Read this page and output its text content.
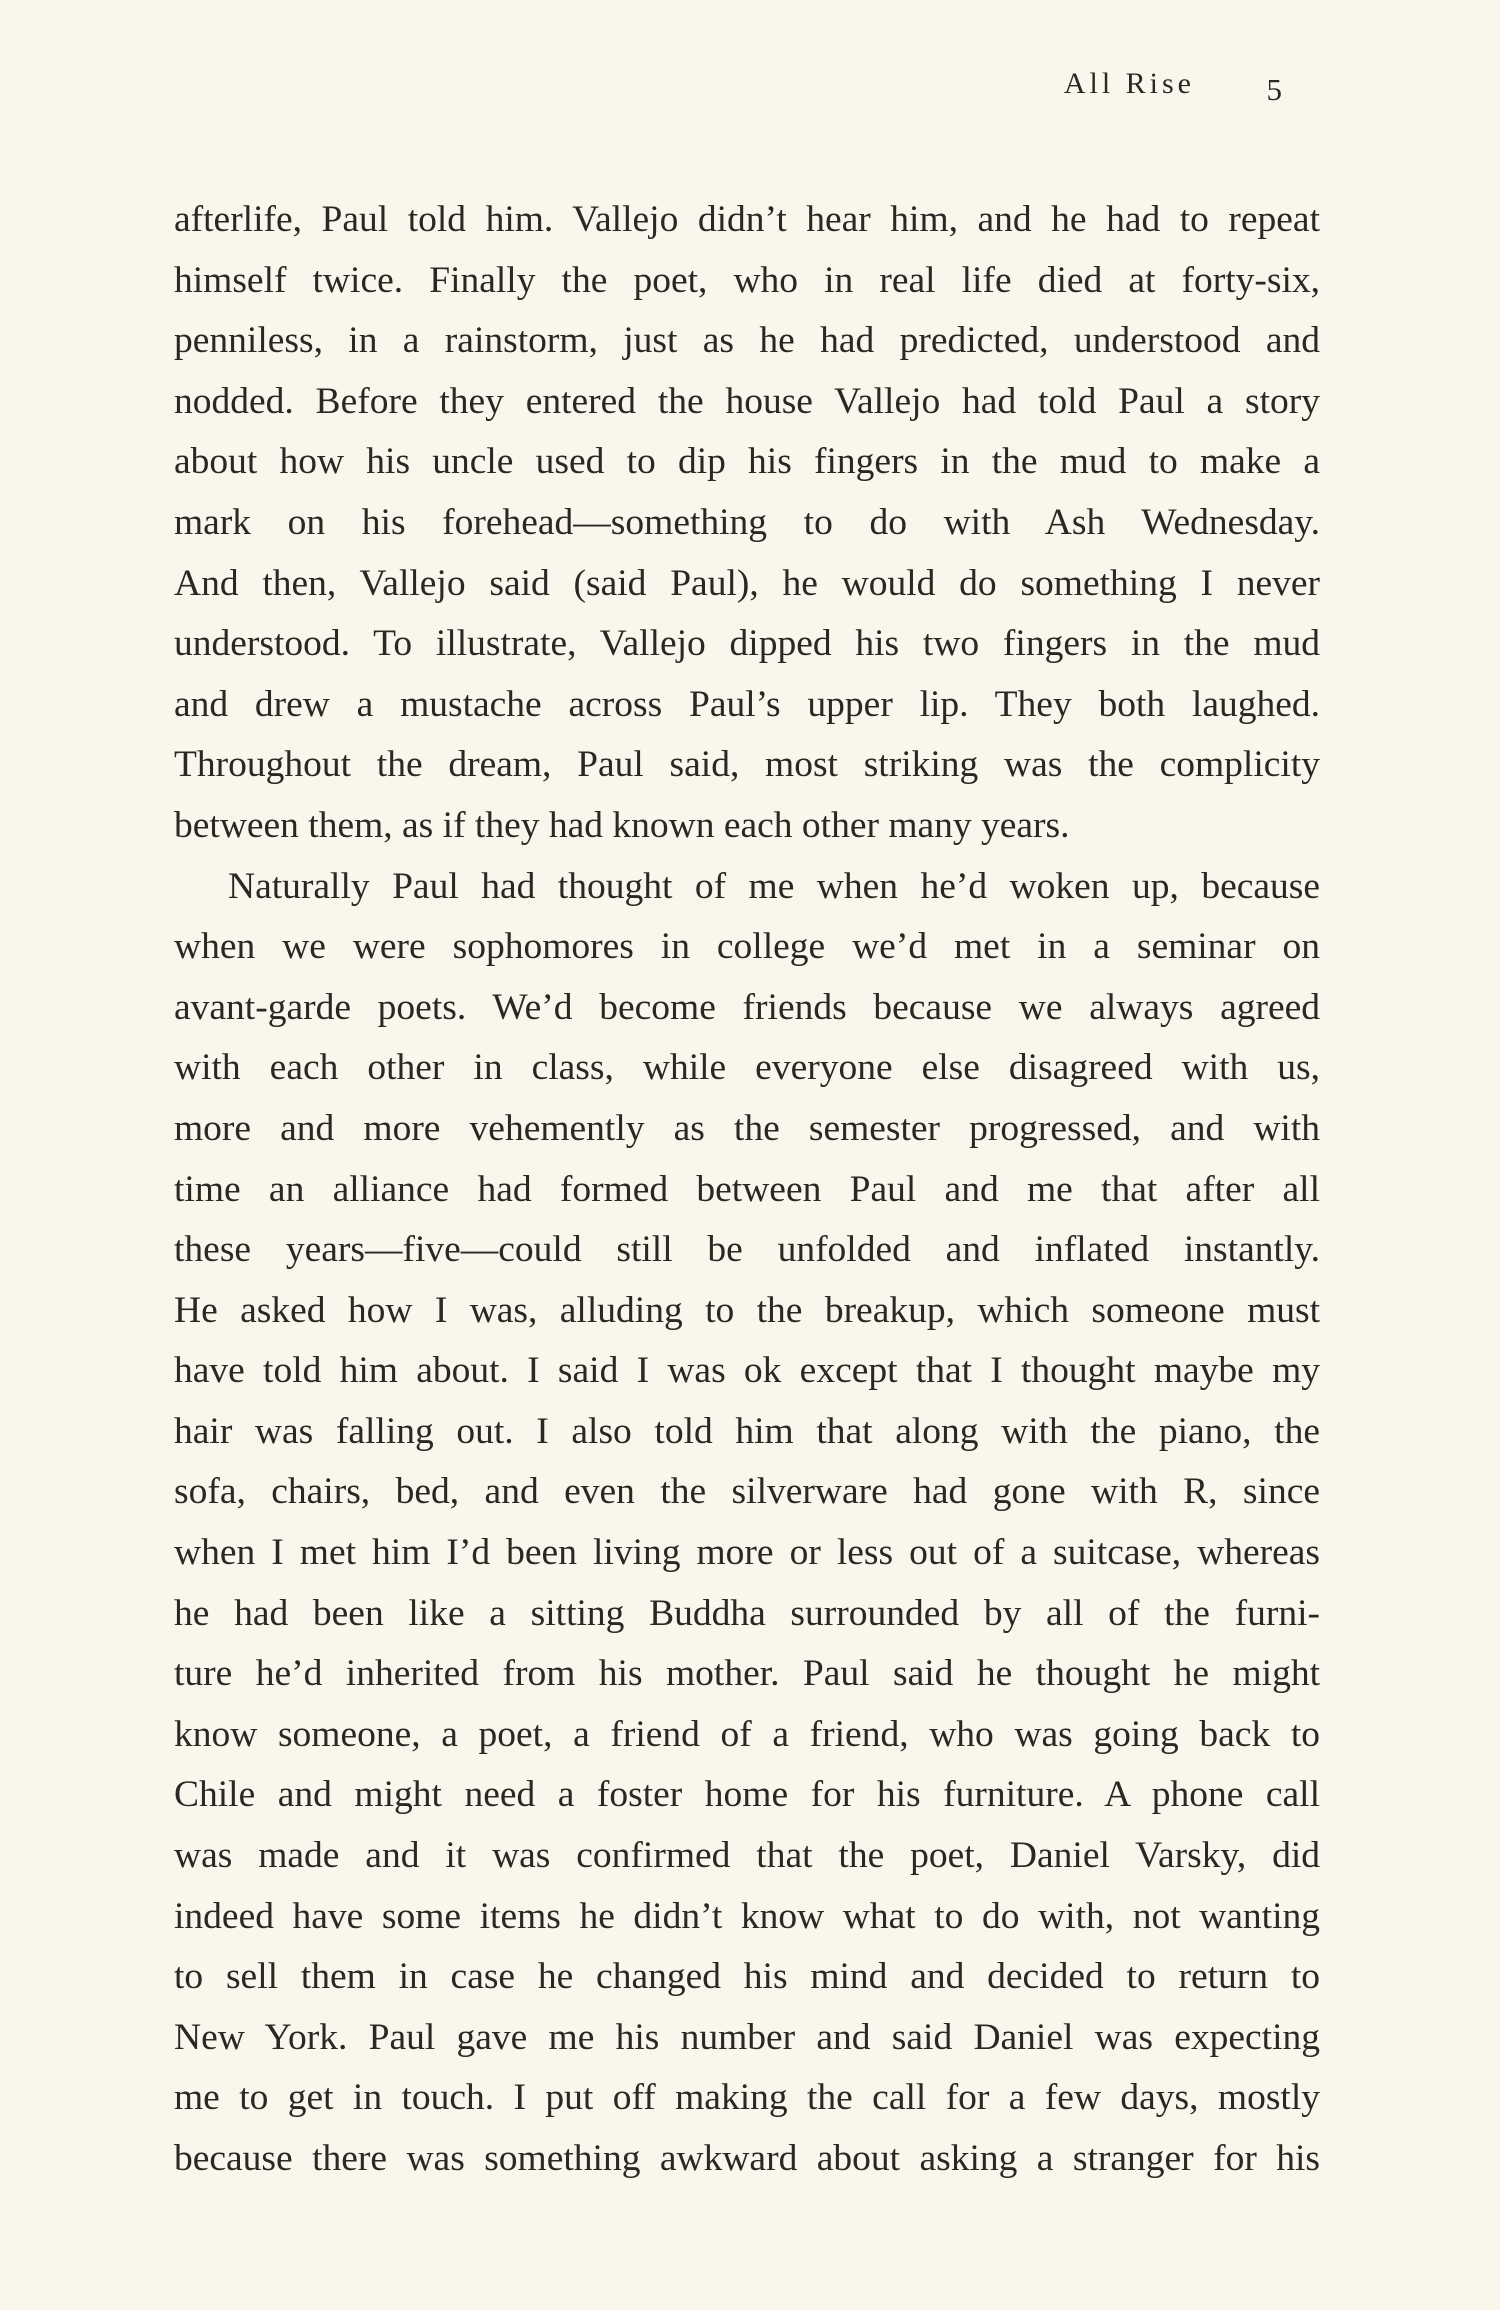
All Rise 5
afterlife, Paul told him. Vallejo didn’t hear him, and he had to repeat
himself twice. Finally the poet, who in real life died at forty-six,
penniless, in a rainstorm, just as he had predicted, understood and
nodded. Before they entered the house Vallejo had told Paul a story
about how his uncle used to dip his fingers in the mud to make a
mark on his forehead—something to do with Ash Wednesday.
And then, Vallejo said (said Paul), he would do something I never
understood. To illustrate, Vallejo dipped his two fingers in the mud
and drew a mustache across Paul’s upper lip. They both laughed.
Throughout the dream, Paul said, most striking was the complicity
between them, as if they had known each other many years.
Naturally Paul had thought of me when he’d woken up, because
when we were sophomores in college we’d met in a seminar on
avant-garde poets. We’d become friends because we always agreed
with each other in class, while everyone else disagreed with us,
more and more vehemently as the semester progressed, and with
time an alliance had formed between Paul and me that after all
these years—five—could still be unfolded and inflated instantly.
He asked how I was, alluding to the breakup, which someone must
have told him about. I said I was ok except that I thought maybe my
hair was falling out. I also told him that along with the piano, the
sofa, chairs, bed, and even the silverware had gone with R, since
when I met him I’d been living more or less out of a suitcase, whereas
he had been like a sitting Buddha surrounded by all of the furni-
ture he’d inherited from his mother. Paul said he thought he might
know someone, a poet, a friend of a friend, who was going back to
Chile and might need a foster home for his furniture. A phone call
was made and it was confirmed that the poet, Daniel Varsky, did
indeed have some items he didn’t know what to do with, not wanting
to sell them in case he changed his mind and decided to return to
New York. Paul gave me his number and said Daniel was expecting
me to get in touch. I put off making the call for a few days, mostly
because there was something awkward about asking a stranger for his
